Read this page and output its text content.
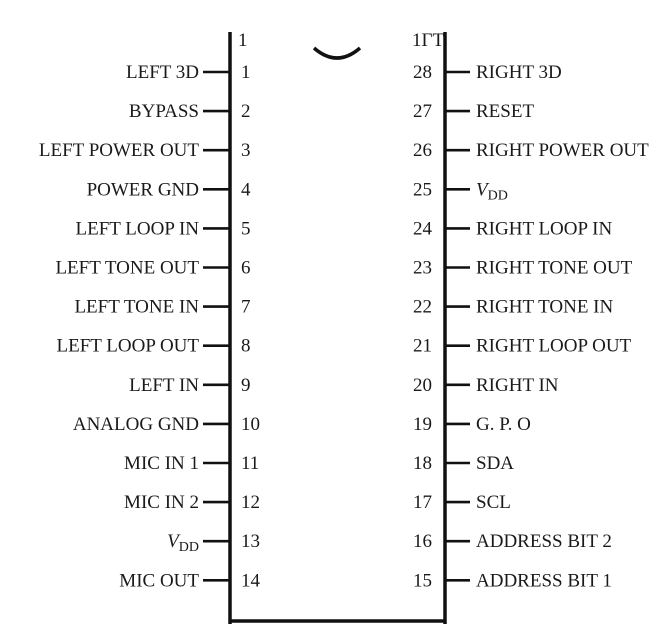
1	1ΓT
LEFT 3D 1
BYPASS 2
LEFT POWER OUT 3
POWER GND 4
LEFT LOOP IN 5
LEFT TONE OUT 6
LEFT TONE IN 7
LEFT LOOP OUT 8
LEFT IN 9
ANALOG GND 10
MIC IN 1 11
MIC IN 2 12
$V_{DD}$ 13
MIC OUT 14
28 RIGHT 3D
27 RESET
26 RIGHT POWER OUT
25 $V_{DD}$
24 RIGHT LOOP IN
23 RIGHT TONE OUT
22 RIGHT TONE IN
21 RIGHT LOOP OUT
20 RIGHT IN
19 G. P. O
18 SDA
17 SCL
16 ADDRESS BIT 2
15 ADDRESS BIT 1
